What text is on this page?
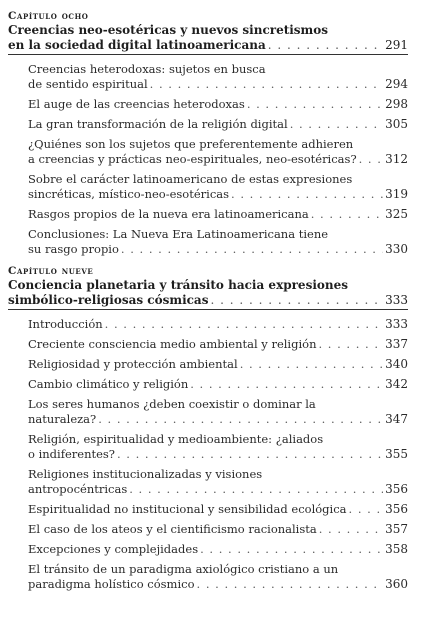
Capítulo ocho
Creencias neo-esotéricas y nuevos sincretismos
en la sociedad digital latinoamericana . . .	291
Creencias heterodoxas: sujetos en busca
de sentido espiritual . . .	294
El auge de las creencias heterodoxas . . .	298
La gran transformación de la religión digital . . .	305
¿Quiénes son los sujetos que preferentemente adhieren
a creencias y prácticas neo-espirituales, neo-esotéricas? . . . 312
Sobre el carácter latinoamericano de estas expresiones
sincréticas, místico-neo-esotéricas . . .	319
Rasgos propios de la nueva era latinoamericana . . .	325
Conclusiones: La Nueva Era Latinoamericana tiene
su rasgo propio . . .	330
Capítulo nueve
Conciencia planetaria y tránsito hacia expresiones
simbólico-religiosas cósmicas . . .	333
Introducción . . .	333
Creciente consciencia medio ambiental y religión . . .	337
Religiosidad y protección ambiental . . .	340
Cambio climático y religión . . .	342
Los seres humanos ¿deben coexistir o dominar la
naturaleza? . . .	347
Religión, espiritualidad y medioambiente: ¿aliados
o indiferentes? . . .	355
Religiones institucionalizadas y visiones
antropocéntricas . . .	356
Espiritualidad no institucional y sensibilidad ecológica . . .	356
El caso de los ateos y el cientificismo racionalista . . .	357
Excepciones y complejidades . . .	358
El tránsito de un paradigma axiológico cristiano a un
paradigma holístico cósmico . . .	360
